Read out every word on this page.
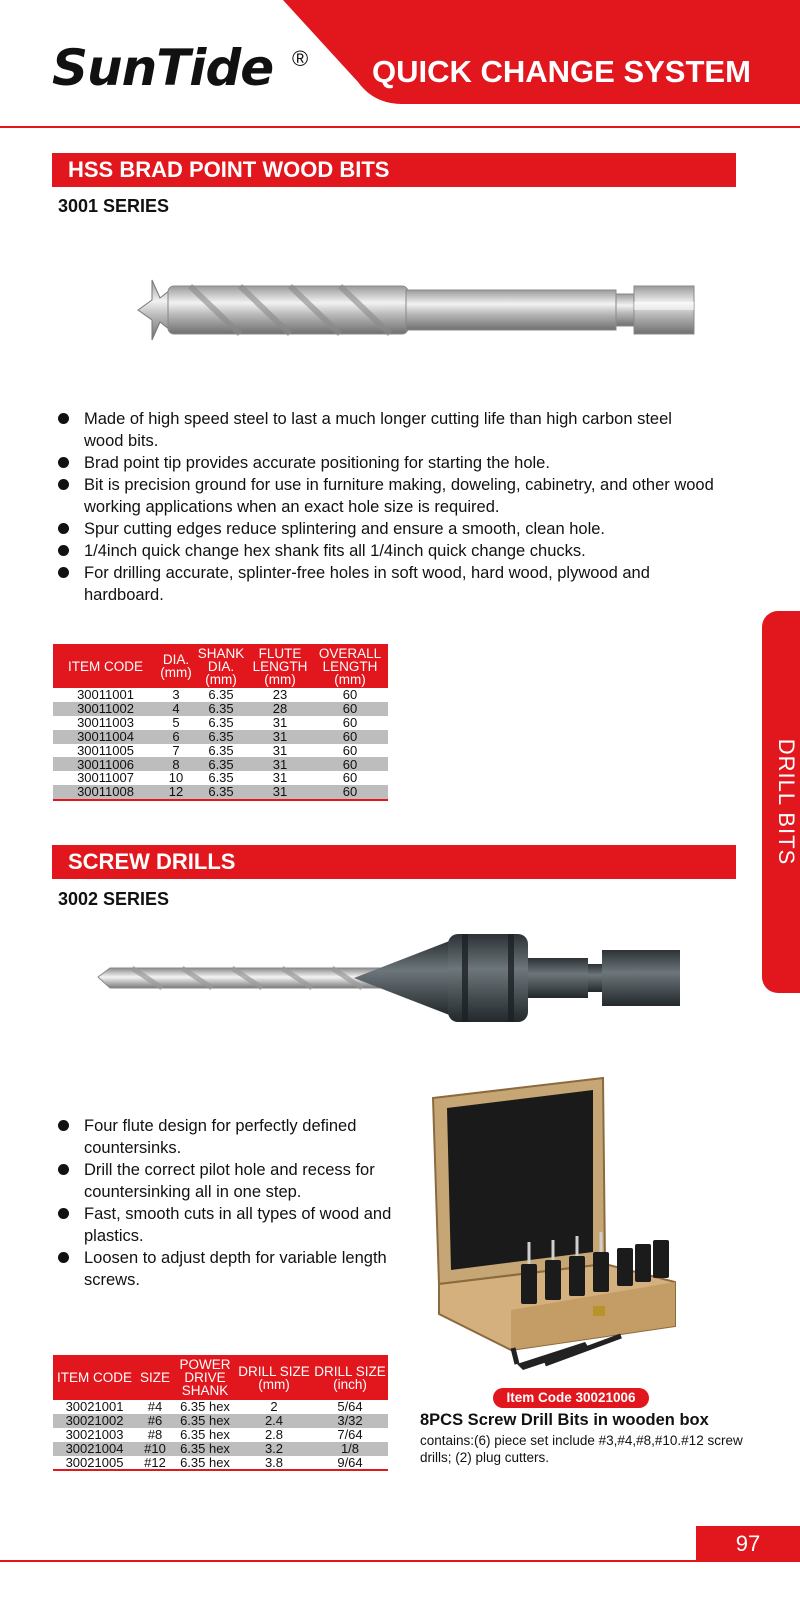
SunTide ® QUICK CHANGE SYSTEM
HSS BRAD POINT WOOD BITS
3001 SERIES
Made of high speed steel to last a much longer cutting life than high carbon steel wood bits.
Brad point tip provides accurate positioning for starting the hole.
Bit is precision ground for use in furniture making, doweling, cabinetry, and other wood working applications when an exact hole size is required.
Spur cutting edges reduce splintering and ensure a smooth, clean hole.
1/4inch quick change hex shank fits all 1/4inch quick change chucks.
For drilling accurate, splinter-free holes in soft wood, hard wood, plywood and hardboard.
ITEM CODE	DIA. (mm)	SHANK DIA. (mm)	FLUTE LENGTH (mm)	OVERALL LENGTH (mm)
30011001	3	6.35	23	60
30011002	4	6.35	28	60
30011003	5	6.35	31	60
30011004	6	6.35	31	60
30011005	7	6.35	31	60
30011006	8	6.35	31	60
30011007	10	6.35	31	60
30011008	12	6.35	31	60	DRILL BITS
SCREW DRILLS
3002 SERIES
Four flute design for perfectly defined countersinks.
Drill the correct pilot hole and recess for countersinking all in one step.
Fast, smooth cuts in all types of wood and plastics.
Loosen to adjust depth for variable length screws.
ITEM CODE	SIZE	POWER DRIVE SHANK	DRILL SIZE (mm)	DRILL SIZE (inch)
30021001	#4	6.35 hex	2	5/64
30021002	#6	6.35 hex	2.4	3/32
30021003	#8	6.35 hex	2.8	7/64
30021004	#10	6.35 hex	3.2	1/8
30021005	#12	6.35 hex	3.8	9/64
Item Code 30021006
8PCS Screw Drill Bits in wooden box
contains:(6) piece set include #3,#4,#8,#10.#12 screw drills; (2) plug cutters.
97
